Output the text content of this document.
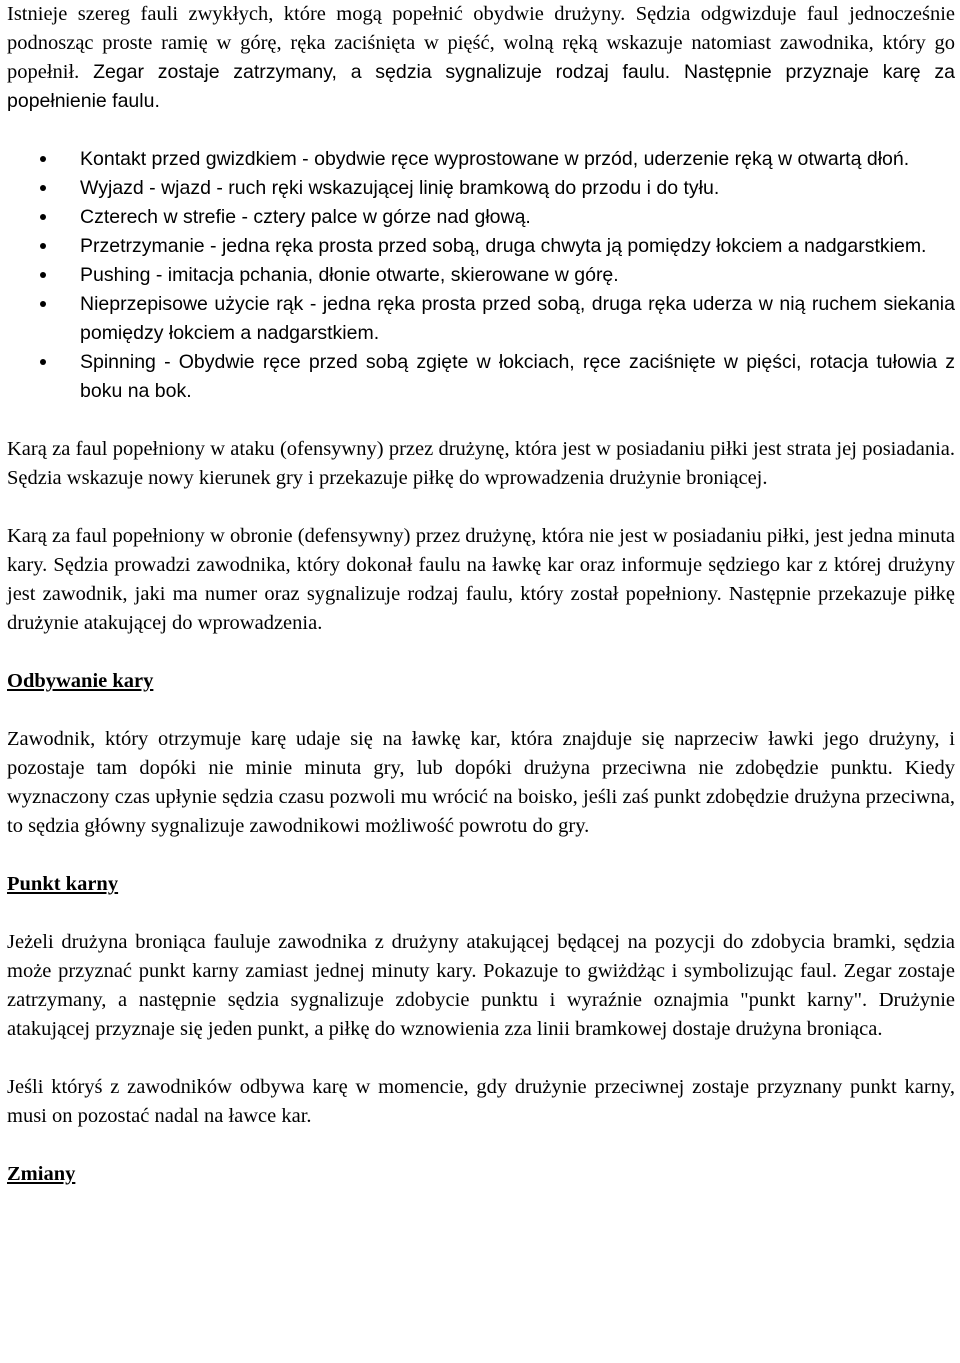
Istnieje szereg fauli zwykłych, które mogą popełnić obydwie drużyny. Sędzia odgwizduje faul jednocześnie podnosząc proste ramię w górę, ręka zaciśnięta w pięść, wolną ręką wskazuje natomiast zawodnika, który go popełnił. Zegar zostaje zatrzymany, a sędzia sygnalizuje rodzaj faulu. Następnie przyznaje karę za popełnienie faulu.

Kontakt przed gwizdkiem - obydwie ręce wyprostowane w przód, uderzenie ręką w otwartą dłoń.
Wyjazd - wjazd - ruch ręki wskazującej linię bramkową do przodu i do tyłu.
Czterech w strefie - cztery palce w górze nad głową.
Przetrzymanie - jedna ręka prosta przed sobą, druga chwyta ją pomiędzy łokciem a nadgarstkiem.
Pushing - imitacja pchania, dłonie otwarte, skierowane w górę.
Nieprzepisowe użycie rąk - jedna ręka prosta przed sobą, druga ręka uderza w nią ruchem siekania pomiędzy łokciem a nadgarstkiem.
Spinning - Obydwie ręce przed sobą zgięte w łokciach, ręce zaciśnięte w pięści, rotacja tułowia z boku na bok.

Karą za faul popełniony w ataku (ofensywny) przez drużynę, która jest w posiadaniu piłki jest strata jej posiadania. Sędzia wskazuje nowy kierunek gry i przekazuje piłkę do wprowadzenia drużynie broniącej.

Karą za faul popełniony w obronie (defensywny) przez drużynę, która nie jest w posiadaniu piłki, jest jedna minuta kary. Sędzia prowadzi zawodnika, który dokonał faulu na ławkę kar oraz informuje sędziego kar z której drużyny jest zawodnik, jaki ma numer oraz sygnalizuje rodzaj faulu, który został popełniony. Następnie przekazuje piłkę drużynie atakującej do wprowadzenia.

Odbywanie kary

Zawodnik, który otrzymuje karę udaje się na ławkę kar, która znajduje się naprzeciw ławki jego drużyny, i pozostaje tam dopóki nie minie minuta gry, lub dopóki drużyna przeciwna nie zdobędzie punktu. Kiedy wyznaczony czas upłynie sędzia czasu pozwoli mu wrócić na boisko, jeśli zaś punkt zdobędzie drużyna przeciwna, to sędzia główny sygnalizuje zawodnikowi możliwość powrotu do gry.

Punkt karny

Jeżeli drużyna broniąca fauluje zawodnika z drużyny atakującej będącej na pozycji do zdobycia bramki, sędzia może przyznać punkt karny zamiast jednej minuty kary. Pokazuje to gwiżdżąc i symbolizując faul. Zegar zostaje zatrzymany, a następnie sędzia sygnalizuje zdobycie punktu i wyraźnie oznajmia "punkt karny". Drużynie atakującej przyznaje się jeden punkt, a piłkę do wznowienia zza linii bramkowej dostaje drużyna broniąca.

Jeśli któryś z zawodników odbywa karę w momencie, gdy drużynie przeciwnej zostaje przyznany punkt karny, musi on pozostać nadal na ławce kar.

Zmiany
